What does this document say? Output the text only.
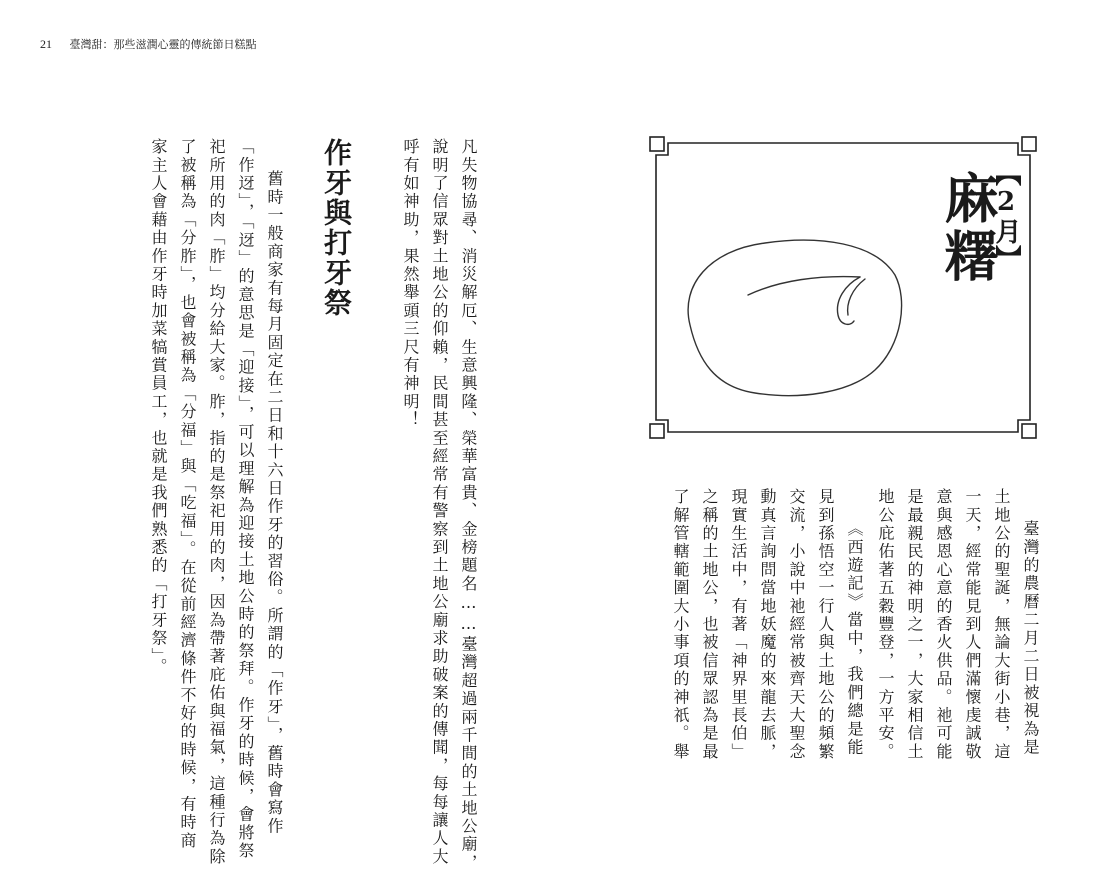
21 臺灣甜：那些滋潤心靈的傳統節日糕點
【2月】
麻糬
臺灣的農曆二月二日被視為是
土地公的聖誕，無論大街小巷，這
一天，經常能見到人們滿懷虔誠敬
意與感恩心意的香火供品。祂可能
是最親民的神明之一，大家相信土
地公庇佑著五穀豐登，一方平安。
《西遊記》當中，我們總是能
見到孫悟空一行人與土地公的頻繁
交流，小說中祂經常被齊天大聖念
動真言詢問當地妖魔的來龍去脈，
現實生活中，有著「神界里長伯」
之稱的土地公，也被信眾認為是最
了解管轄範圍大小事項的神祇。舉
凡失物協尋、消災解厄、生意興隆、榮華富貴、金榜題名……臺灣超過兩千間的土地公廟，
說明了信眾對土地公的仰賴，民間甚至經常有警察到土地公廟求助破案的傳聞，每每讓人大
呼有如神助，果然舉頭三尺有神明！
作牙與打牙祭
舊時一般商家有每月固定在二日和十六日作牙的習俗。所謂的「作牙」，舊時會寫作
「作迓」，「迓」的意思是「迎接」，可以理解為迎接土地公時的祭拜。作牙的時候，會將祭
祀所用的肉「胙」均分給大家。胙，指的是祭祀用的肉，因為帶著庇佑與福氣，這種行為除
了被稱為「分胙」，也會被稱為「分福」與「吃福」。在從前經濟條件不好的時候，有時商
家主人會藉由作牙時加菜犒賞員工，也就是我們熟悉的「打牙祭」。
